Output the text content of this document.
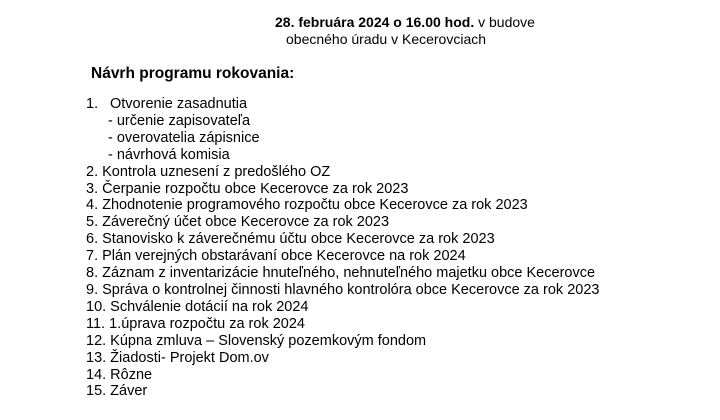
28. februára 2024 o 16.00 hod. v budove
obecného úradu v Kecerovciach
Návrh programu rokovania:
1. Otvorenie zasadnutia
- určenie zapisovateľa
- overovatelia zápisnice
- návrhová komisia
2. Kontrola uznesení z predošlého OZ
3. Čerpanie rozpočtu obce Kecerovce za rok 2023
4. Zhodnotenie programového rozpočtu obce Kecerovce za rok 2023
5. Záverečný účet obce Kecerovce za rok 2023
6. Stanovisko k záverečnému účtu obce Kecerovce za rok 2023
7. Plán verejných obstarávaní obce Kecerovce na rok 2024
8. Záznam z inventarizácie hnuteľného, nehnuteľného majetku obce Kecerovce
9. Správa o kontrolnej činnosti hlavného kontrolóra obce Kecerovce za rok 2023
10. Schválenie dotácií na rok 2024
11. 1.úprava rozpočtu za rok 2024
12. Kúpna zmluva – Slovenský pozemkovým fondom
13. Žiadosti- Projekt Dom.ov
14. Rôzne
15. Záver
